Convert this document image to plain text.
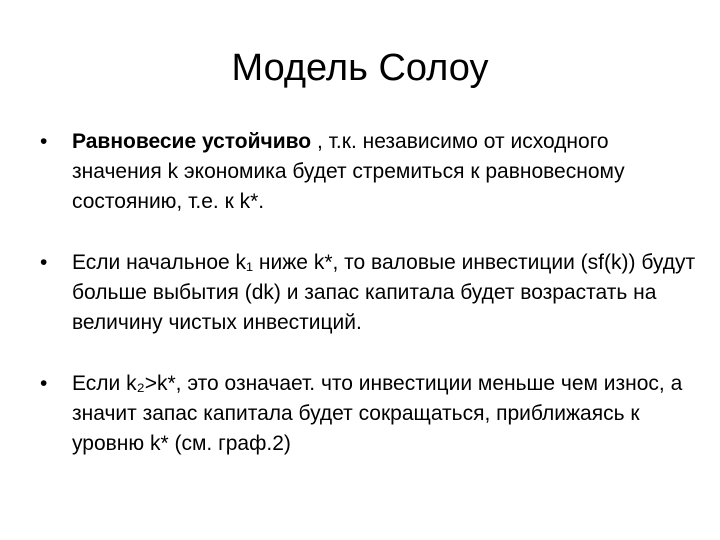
Модель Солоу
• Равновесие устойчиво , т.к. независимо от исходного значения k экономика будет стремиться к равновесному состоянию, т.е. к k*.
• Если начальное k₁ ниже k*, то валовые инвестиции (sf(k)) будут больше выбытия (dk) и запас капитала будет возрастать на величину чистых инвестиций.
• Если k₂>k*, это означает. что инвестиции меньше чем износ, а значит запас капитала будет сокращаться, приближаясь к уровню k* (см. граф.2)
